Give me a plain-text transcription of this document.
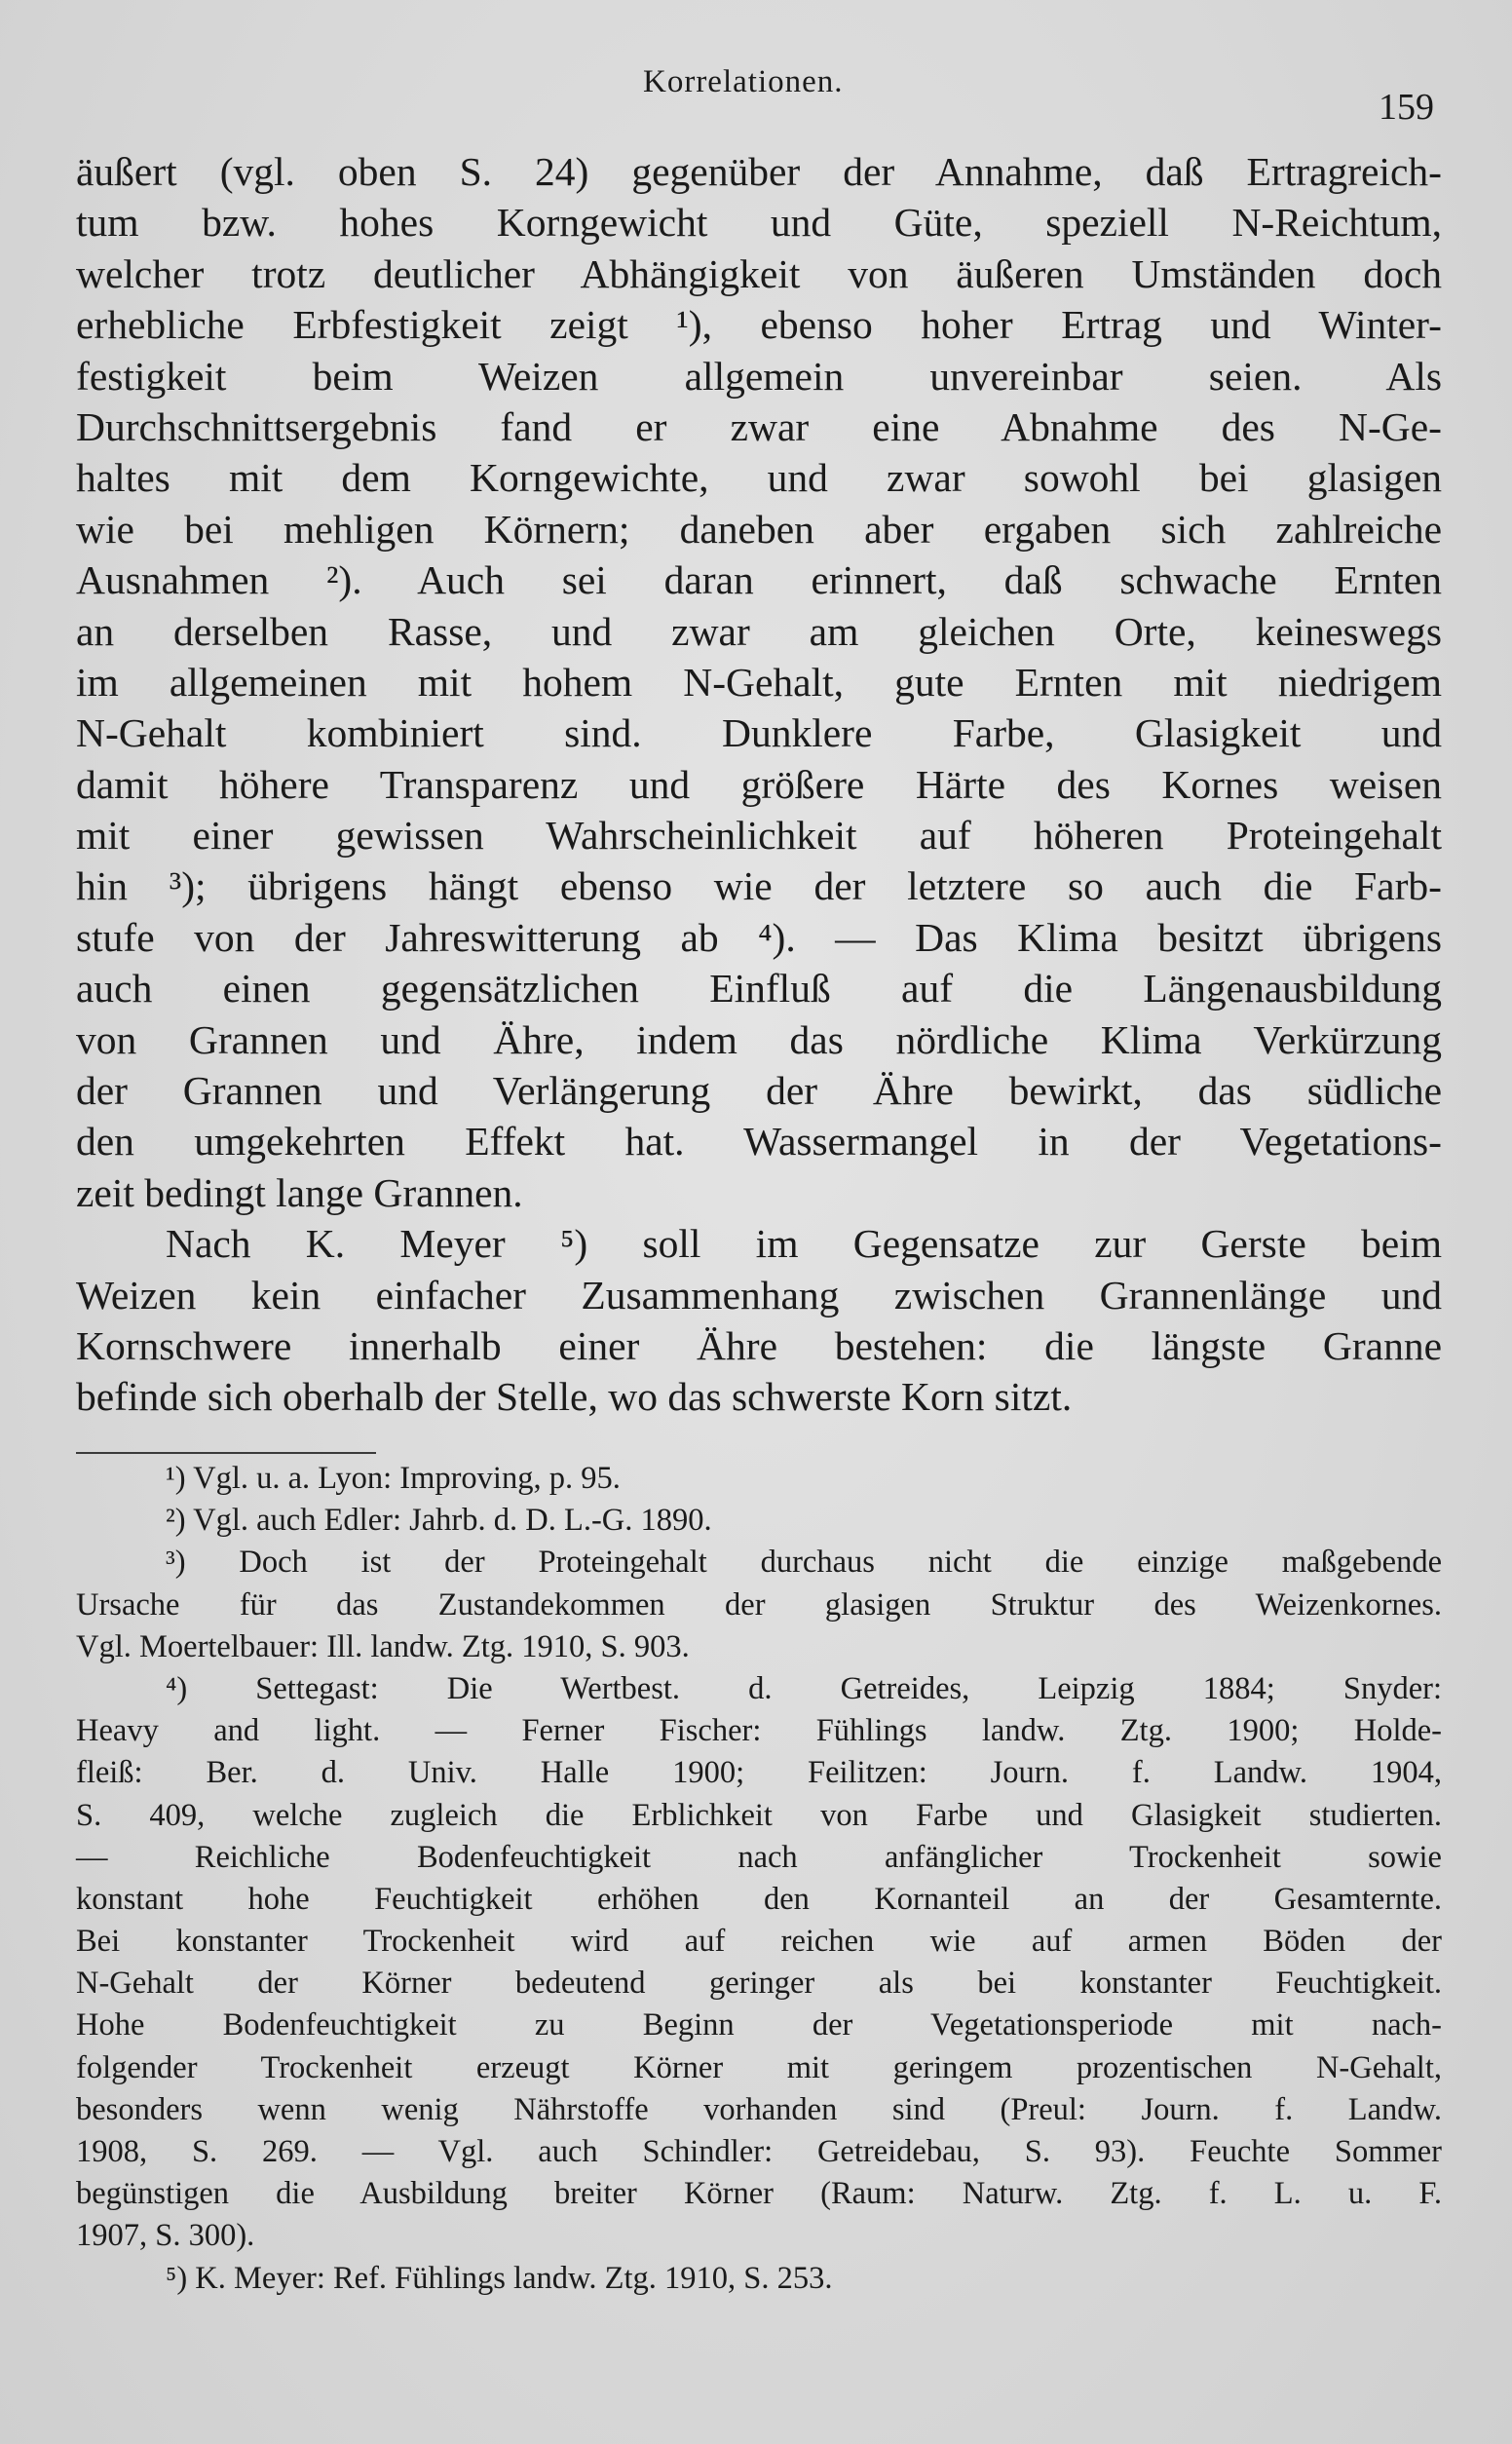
Korrelationen.
159
äußert (vgl. oben S. 24) gegenüber der Annahme, daß Ertragreich-
tum bzw. hohes Korngewicht und Güte, speziell N-Reichtum,
welcher trotz deutlicher Abhängigkeit von äußeren Umständen doch
erhebliche Erbfestigkeit zeigt ¹), ebenso hoher Ertrag und Winter-
festigkeit beim Weizen allgemein unvereinbar seien. Als
Durchschnittsergebnis fand er zwar eine Abnahme des N-Ge-
haltes mit dem Korngewichte, und zwar sowohl bei glasigen
wie bei mehligen Körnern; daneben aber ergaben sich zahlreiche
Ausnahmen ²). Auch sei daran erinnert, daß schwache Ernten
an derselben Rasse, und zwar am gleichen Orte, keineswegs
im allgemeinen mit hohem N-Gehalt, gute Ernten mit niedrigem
N-Gehalt kombiniert sind. Dunklere Farbe, Glasigkeit und
damit höhere Transparenz und größere Härte des Kornes weisen
mit einer gewissen Wahrscheinlichkeit auf höheren Proteingehalt
hin ³); übrigens hängt ebenso wie der letztere so auch die Farb-
stufe von der Jahreswitterung ab ⁴). — Das Klima besitzt übrigens
auch einen gegensätzlichen Einfluß auf die Längenausbildung
von Grannen und Ähre, indem das nördliche Klima Verkürzung
der Grannen und Verlängerung der Ähre bewirkt, das südliche
den umgekehrten Effekt hat. Wassermangel in der Vegetations-
zeit bedingt lange Grannen.
Nach K. Meyer ⁵) soll im Gegensatze zur Gerste beim
Weizen kein einfacher Zusammenhang zwischen Grannenlänge und
Kornschwere innerhalb einer Ähre bestehen: die längste Granne
befinde sich oberhalb der Stelle, wo das schwerste Korn sitzt.
¹) Vgl. u. a. Lyon: Improving, p. 95.
²) Vgl. auch Edler: Jahrb. d. D. L.-G. 1890.
³) Doch ist der Proteingehalt durchaus nicht die einzige maßgebende
Ursache für das Zustandekommen der glasigen Struktur des Weizenkornes.
Vgl. Moertelbauer: Ill. landw. Ztg. 1910, S. 903.
⁴) Settegast: Die Wertbest. d. Getreides, Leipzig 1884; Snyder:
Heavy and light. — Ferner Fischer: Fühlings landw. Ztg. 1900; Holde-
fleiß: Ber. d. Univ. Halle 1900; Feilitzen: Journ. f. Landw. 1904,
S. 409, welche zugleich die Erblichkeit von Farbe und Glasigkeit studierten.
— Reichliche Bodenfeuchtigkeit nach anfänglicher Trockenheit sowie
konstant hohe Feuchtigkeit erhöhen den Kornanteil an der Gesamternte.
Bei konstanter Trockenheit wird auf reichen wie auf armen Böden der
N-Gehalt der Körner bedeutend geringer als bei konstanter Feuchtigkeit.
Hohe Bodenfeuchtigkeit zu Beginn der Vegetationsperiode mit nach-
folgender Trockenheit erzeugt Körner mit geringem prozentischen N-Gehalt,
besonders wenn wenig Nährstoffe vorhanden sind (Preul: Journ. f. Landw.
1908, S. 269. — Vgl. auch Schindler: Getreidebau, S. 93). Feuchte Sommer
begünstigen die Ausbildung breiter Körner (Raum: Naturw. Ztg. f. L. u. F.
1907, S. 300).
⁵) K. Meyer: Ref. Fühlings landw. Ztg. 1910, S. 253.
